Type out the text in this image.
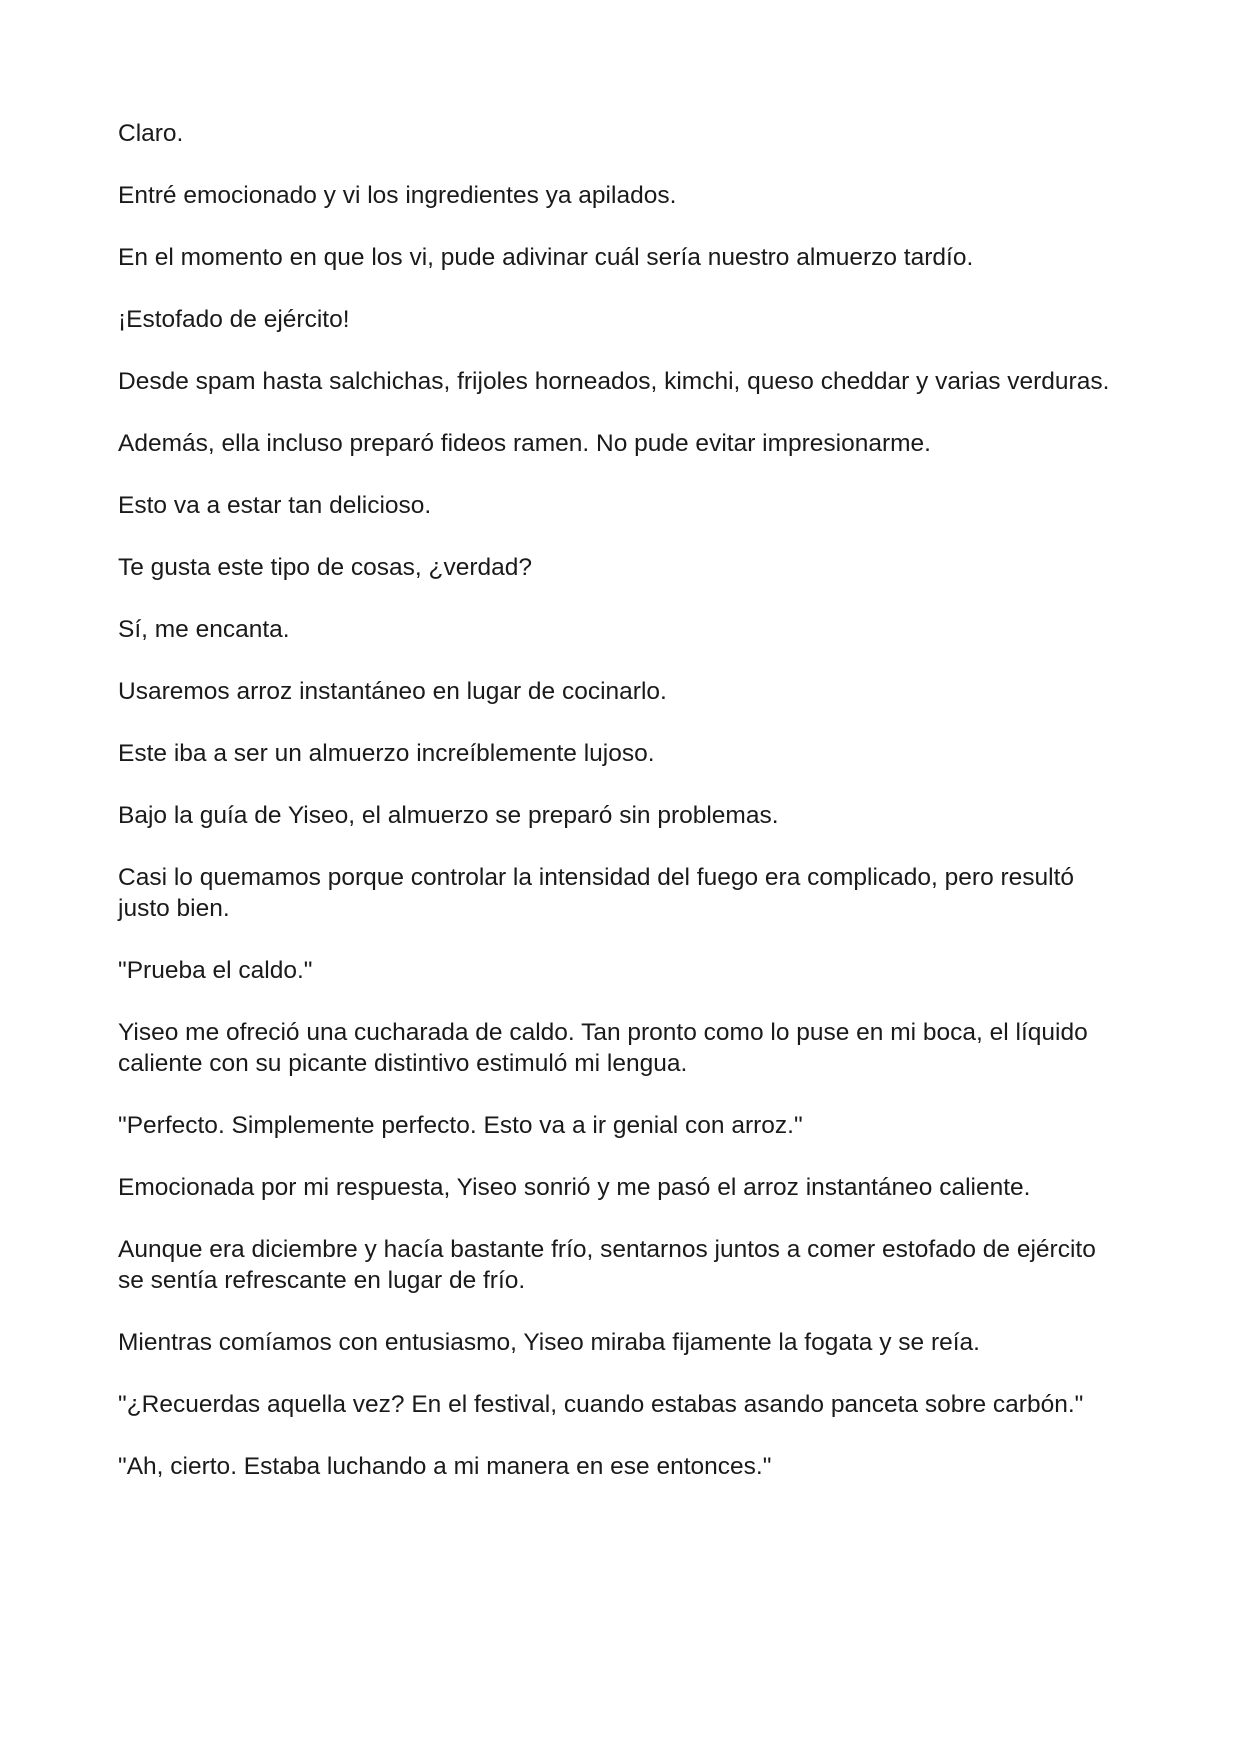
Claro.

Entré emocionado y vi los ingredientes ya apilados.

En el momento en que los vi, pude adivinar cuál sería nuestro almuerzo tardío.

¡Estofado de ejército!

Desde spam hasta salchichas, frijoles horneados, kimchi, queso cheddar y varias verduras.

Además, ella incluso preparó fideos ramen. No pude evitar impresionarme.

Esto va a estar tan delicioso.

Te gusta este tipo de cosas, ¿verdad?

Sí, me encanta.

Usaremos arroz instantáneo en lugar de cocinarlo.

Este iba a ser un almuerzo increíblemente lujoso.

Bajo la guía de Yiseo, el almuerzo se preparó sin problemas.

Casi lo quemamos porque controlar la intensidad del fuego era complicado, pero resultó justo bien.

"Prueba el caldo."

Yiseo me ofreció una cucharada de caldo. Tan pronto como lo puse en mi boca, el líquido caliente con su picante distintivo estimuló mi lengua.

"Perfecto. Simplemente perfecto. Esto va a ir genial con arroz."

Emocionada por mi respuesta, Yiseo sonrió y me pasó el arroz instantáneo caliente.

Aunque era diciembre y hacía bastante frío, sentarnos juntos a comer estofado de ejército se sentía refrescante en lugar de frío.

Mientras comíamos con entusiasmo, Yiseo miraba fijamente la fogata y se reía.

"¿Recuerdas aquella vez? En el festival, cuando estabas asando panceta sobre carbón."

"Ah, cierto. Estaba luchando a mi manera en ese entonces."
